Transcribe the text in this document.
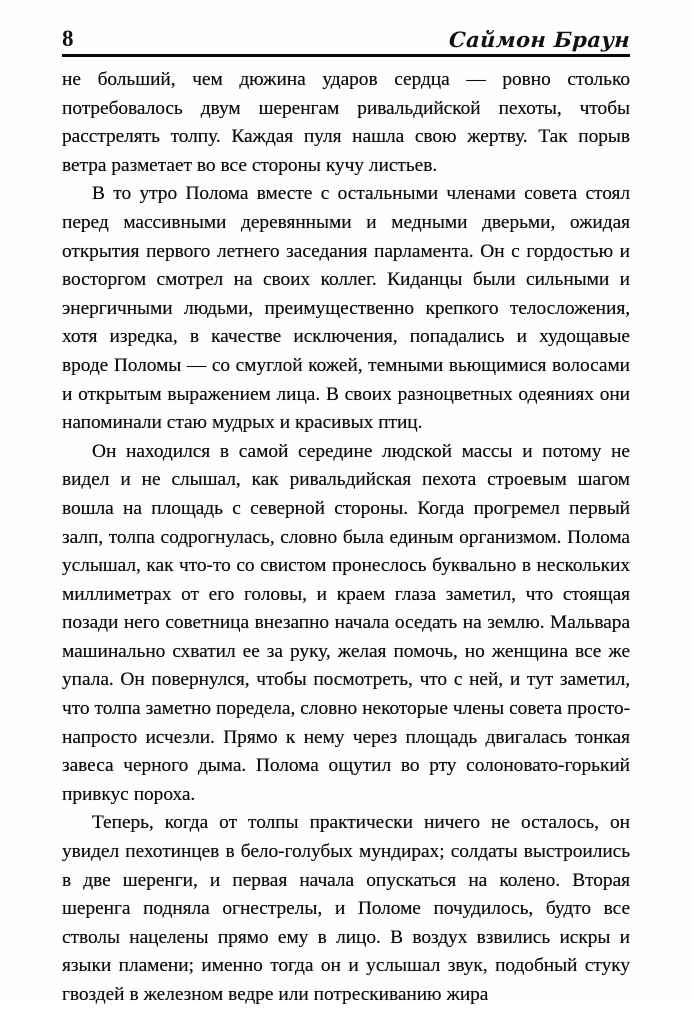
8	Саймон Браун

не больший, чем дюжина ударов сердца — ровно столько потребовалось двум шеренгам ривальдийской пехоты, чтобы расстрелять толпу. Каждая пуля нашла свою жертву. Так порыв ветра разметает во все стороны кучу листьев.

В то утро Полома вместе с остальными членами совета стоял перед массивными деревянными и медными дверьми, ожидая открытия первого летнего заседания парламента. Он с гордостью и восторгом смотрел на своих коллег. Киданцы были сильными и энергичными людьми, преимущественно крепкого телосложения, хотя изредка, в качестве исключения, попадались и худощавые вроде Поломы — со смуглой кожей, темными вьющимися волосами и открытым выражением лица. В своих разноцветных одеяниях они напоминали стаю мудрых и красивых птиц.

Он находился в самой середине людской массы и потому не видел и не слышал, как ривальдийская пехота строевым шагом вошла на площадь с северной стороны. Когда прогремел первый залп, толпа содрогнулась, словно была единым организмом. Полома услышал, как что-то со свистом пронеслось буквально в нескольких миллиметрах от его головы, и краем глаза заметил, что стоящая позади него советница внезапно начала оседать на землю. Мальвара машинально схватил ее за руку, желая помочь, но женщина все же упала. Он повернулся, чтобы посмотреть, что с ней, и тут заметил, что толпа заметно поредела, словно некоторые члены совета просто-напросто исчезли. Прямо к нему через площадь двигалась тонкая завеса черного дыма. Полома ощутил во рту солоновато-горький привкус пороха.

Теперь, когда от толпы практически ничего не осталось, он увидел пехотинцев в бело-голубых мундирах; солдаты выстроились в две шеренги, и первая начала опускаться на колено. Вторая шеренга подняла огнестрелы, и Поломе почудилось, будто все стволы нацелены прямо ему в лицо. В воздух взвились искры и языки пламени; именно тогда он и услышал звук, подобный стуку гвоздей в железном ведре или потрескиванию жира
